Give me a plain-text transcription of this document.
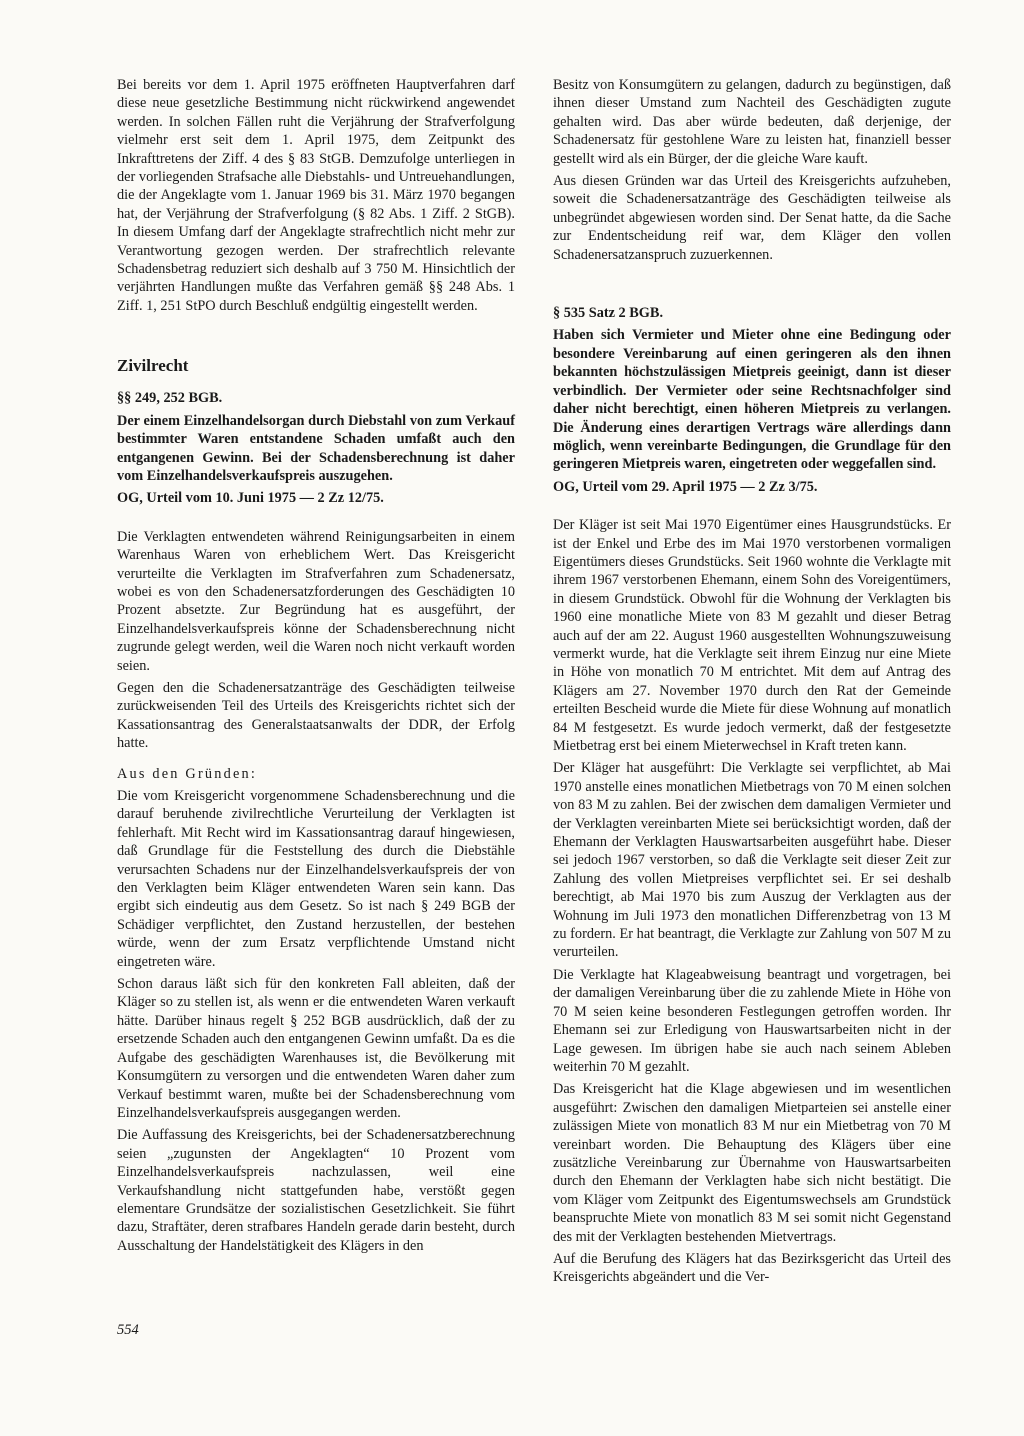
Bei bereits vor dem 1. April 1975 eröffneten Hauptverfahren darf diese neue gesetzliche Bestimmung nicht rückwirkend angewendet werden. In solchen Fällen ruht die Verjährung der Strafverfolgung vielmehr erst seit dem 1. April 1975, dem Zeitpunkt des Inkrafttretens der Ziff. 4 des § 83 StGB. Demzufolge unterliegen in der vorliegenden Strafsache alle Diebstahls- und Untreuehandlungen, die der Angeklagte vom 1. Januar 1969 bis 31. März 1970 begangen hat, der Verjährung der Strafverfolgung (§ 82 Abs. 1 Ziff. 2 StGB). In diesem Umfang darf der Angeklagte strafrechtlich nicht mehr zur Verantwortung gezogen werden. Der strafrechtlich relevante Schadensbetrag reduziert sich deshalb auf 3 750 M. Hinsichtlich der verjährten Handlungen mußte das Verfahren gemäß §§ 248 Abs. 1 Ziff. 1, 251 StPO durch Beschluß endgültig eingestellt werden.

Zivilrecht

§§ 249, 252 BGB.

Der einem Einzelhandelsorgan durch Diebstahl von zum Verkauf bestimmter Waren entstandene Schaden umfaßt auch den entgangenen Gewinn. Bei der Schadensberechnung ist daher vom Einzelhandelsverkaufspreis auszugehen.

OG, Urteil vom 10. Juni 1975 — 2 Zz 12/75.

Die Verklagten entwendeten während Reinigungsarbeiten in einem Warenhaus Waren von erheblichem Wert. Das Kreisgericht verurteilte die Verklagten im Strafverfahren zum Schadenersatz, wobei es von den Schadenersatzforderungen des Geschädigten 10 Prozent absetzte. Zur Begründung hat es ausgeführt, der Einzelhandelsverkaufspreis könne der Schadensberechnung nicht zugrunde gelegt werden, weil die Waren noch nicht verkauft worden seien.

Gegen den die Schadenersatzanträge des Geschädigten teilweise zurückweisenden Teil des Urteils des Kreisgerichts richtet sich der Kassationsantrag des Generalstaatsanwalts der DDR, der Erfolg hatte.

Aus den Gründen:

Die vom Kreisgericht vorgenommene Schadensberechnung und die darauf beruhende zivilrechtliche Verurteilung der Verklagten ist fehlerhaft. Mit Recht wird im Kassationsantrag darauf hingewiesen, daß Grundlage für die Feststellung des durch die Diebstähle verursachten Schadens nur der Einzelhandelsverkaufspreis der von den Verklagten beim Kläger entwendeten Waren sein kann. Das ergibt sich eindeutig aus dem Gesetz. So ist nach § 249 BGB der Schädiger verpflichtet, den Zustand herzustellen, der bestehen würde, wenn der zum Ersatz verpflichtende Umstand nicht eingetreten wäre.

Schon daraus läßt sich für den konkreten Fall ableiten, daß der Kläger so zu stellen ist, als wenn er die entwendeten Waren verkauft hätte. Darüber hinaus regelt § 252 BGB ausdrücklich, daß der zu ersetzende Schaden auch den entgangenen Gewinn umfaßt. Da es die Aufgabe des geschädigten Warenhauses ist, die Bevölkerung mit Konsumgütern zu versorgen und die entwendeten Waren daher zum Verkauf bestimmt waren, mußte bei der Schadensberechnung vom Einzelhandelsverkaufspreis ausgegangen werden.

Die Auffassung des Kreisgerichts, bei der Schadenersatzberechnung seien „zugunsten der Angeklagten“ 10 Prozent vom Einzelhandelsverkaufspreis nachzulassen, weil eine Verkaufshandlung nicht stattgefunden habe, verstößt gegen elementare Grundsätze der sozialistischen Gesetzlichkeit. Sie führt dazu, Straftäter, deren strafbares Handeln gerade darin besteht, durch Ausschaltung der Handelstätigkeit des Klägers in den

Besitz von Konsumgütern zu gelangen, dadurch zu begünstigen, daß ihnen dieser Umstand zum Nachteil des Geschädigten zugute gehalten wird. Das aber würde bedeuten, daß derjenige, der Schadenersatz für gestohlene Ware zu leisten hat, finanziell besser gestellt wird als ein Bürger, der die gleiche Ware kauft.

Aus diesen Gründen war das Urteil des Kreisgerichts aufzuheben, soweit die Schadenersatzanträge des Geschädigten teilweise als unbegründet abgewiesen worden sind. Der Senat hatte, da die Sache zur Endentscheidung reif war, dem Kläger den vollen Schadenersatzanspruch zuzuerkennen.

§ 535 Satz 2 BGB.

Haben sich Vermieter und Mieter ohne eine Bedingung oder besondere Vereinbarung auf einen geringeren als den ihnen bekannten höchstzulässigen Mietpreis geeinigt, dann ist dieser verbindlich. Der Vermieter oder seine Rechtsnachfolger sind daher nicht berechtigt, einen höheren Mietpreis zu verlangen. Die Änderung eines derartigen Vertrags wäre allerdings dann möglich, wenn vereinbarte Bedingungen, die Grundlage für den geringeren Mietpreis waren, eingetreten oder weggefallen sind.

OG, Urteil vom 29. April 1975 — 2 Zz 3/75.

Der Kläger ist seit Mai 1970 Eigentümer eines Hausgrundstücks. Er ist der Enkel und Erbe des im Mai 1970 verstorbenen vormaligen Eigentümers dieses Grundstücks. Seit 1960 wohnte die Verklagte mit ihrem 1967 verstorbenen Ehemann, einem Sohn des Voreigentümers, in diesem Grundstück. Obwohl für die Wohnung der Verklagten bis 1960 eine monatliche Miete von 83 M gezahlt und dieser Betrag auch auf der am 22. August 1960 ausgestellten Wohnungszuweisung vermerkt wurde, hat die Verklagte seit ihrem Einzug nur eine Miete in Höhe von monatlich 70 M entrichtet. Mit dem auf Antrag des Klägers am 27. November 1970 durch den Rat der Gemeinde erteilten Bescheid wurde die Miete für diese Wohnung auf monatlich 84 M festgesetzt. Es wurde jedoch vermerkt, daß der festgesetzte Mietbetrag erst bei einem Mieterwechsel in Kraft treten kann.

Der Kläger hat ausgeführt: Die Verklagte sei verpflichtet, ab Mai 1970 anstelle eines monatlichen Mietbetrags von 70 M einen solchen von 83 M zu zahlen. Bei der zwischen dem damaligen Vermieter und der Verklagten vereinbarten Miete sei berücksichtigt worden, daß der Ehemann der Verklagten Hauswartsarbeiten ausgeführt habe. Dieser sei jedoch 1967 verstorben, so daß die Verklagte seit dieser Zeit zur Zahlung des vollen Mietpreises verpflichtet sei. Er sei deshalb berechtigt, ab Mai 1970 bis zum Auszug der Verklagten aus der Wohnung im Juli 1973 den monatlichen Differenzbetrag von 13 M zu fordern. Er hat beantragt, die Verklagte zur Zahlung von 507 M zu verurteilen.

Die Verklagte hat Klageabweisung beantragt und vorgetragen, bei der damaligen Vereinbarung über die zu zahlende Miete in Höhe von 70 M seien keine besonderen Festlegungen getroffen worden. Ihr Ehemann sei zur Erledigung von Hauswartsarbeiten nicht in der Lage gewesen. Im übrigen habe sie auch nach seinem Ableben weiterhin 70 M gezahlt.

Das Kreisgericht hat die Klage abgewiesen und im wesentlichen ausgeführt: Zwischen den damaligen Mietparteien sei anstelle einer zulässigen Miete von monatlich 83 M nur ein Mietbetrag von 70 M vereinbart worden. Die Behauptung des Klägers über eine zusätzliche Vereinbarung zur Übernahme von Hauswartsarbeiten durch den Ehemann der Verklagten habe sich nicht bestätigt. Die vom Kläger vom Zeitpunkt des Eigentumswechsels am Grundstück beanspruchte Miete von monatlich 83 M sei somit nicht Gegenstand des mit der Verklagten bestehenden Mietvertrags.

Auf die Berufung des Klägers hat das Bezirksgericht das Urteil des Kreisgerichts abgeändert und die Ver-

554
